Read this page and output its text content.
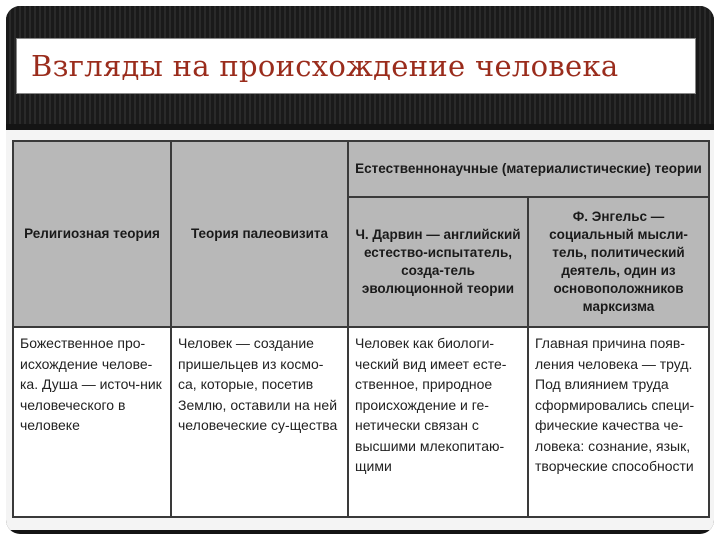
Взгляды на происхождение человека
Религиозная теория	Теория палеовизита	Естественнонаучные (материалистические) теории	
		Ч. Дарвин — английский естество-испытатель, созда-тель эволюционной теории	Ф. Энгельс — социальный мысли-тель, политический деятель, один из основоположников марксизма
Божественное про-исхождение челове-ка. Душа — источ-ник человеческого в человеке	Человек — создание пришельцев из космо-са, которые, посетив Землю, оставили на ней человеческие су-щества	Человек как биологи-ческий вид имеет есте-ственное, природное происхождение и ге-нетически связан с высшими млекопитаю-щими	Главная причина появ-ления человека — труд. Под влиянием труда сформировались специ-фические качества че-ловека: сознание, язык, творческие способности
